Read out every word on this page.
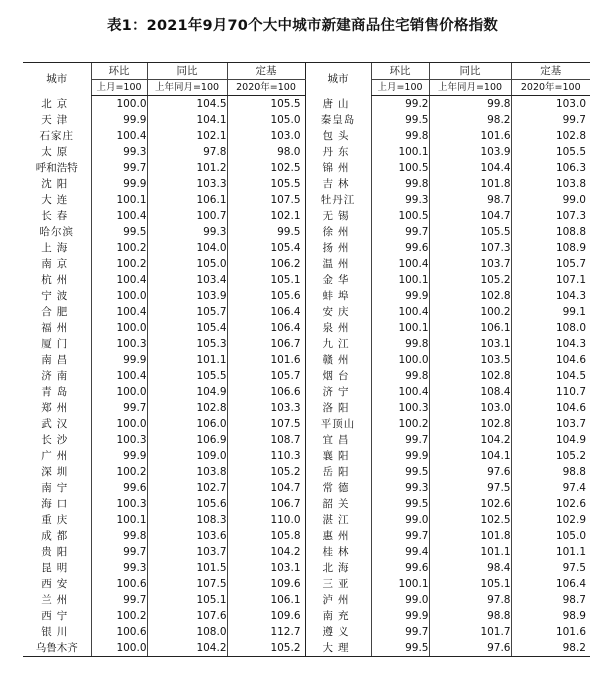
表1：2021年9月70个大中城市新建商品住宅销售价格指数
城市	环比	同比	定基	城市	环比	同比	定基
	上月=100	上年同月=100	2020年=100		上月=100	上年同月=100	2020年=100
北京	100.0	104.5	105.5	唐山	99.2	99.8	103.0
天津	99.9	104.1	105.0	秦皇岛	99.5	98.2	99.7
石家庄	100.4	102.1	103.0	包头	99.8	101.6	102.8
太原	99.3	97.8	98.0	丹东	100.1	103.9	105.5
呼和浩特	99.7	101.2	102.5	锦州	100.5	104.4	106.3
沈阳	99.9	103.3	105.5	吉林	99.8	101.8	103.8
大连	100.1	106.1	107.5	牡丹江	99.3	98.7	99.0
长春	100.4	100.7	102.1	无锡	100.5	104.7	107.3
哈尔滨	99.5	99.3	99.5	徐州	99.7	105.5	108.8
上海	100.2	104.0	105.4	扬州	99.6	107.3	108.9
南京	100.2	105.0	106.2	温州	100.4	103.7	105.7
杭州	100.4	103.4	105.1	金华	100.1	105.2	107.1
宁波	100.0	103.9	105.6	蚌埠	99.9	102.8	104.3
合肥	100.4	105.7	106.4	安庆	100.4	100.2	99.1
福州	100.0	105.4	106.4	泉州	100.1	106.1	108.0
厦门	100.3	105.3	106.7	九江	99.8	103.1	104.3
南昌	99.9	101.1	101.6	赣州	100.0	103.5	104.6
济南	100.4	105.5	105.7	烟台	99.8	102.8	104.5
青岛	100.0	104.9	106.6	济宁	100.4	108.4	110.7
郑州	99.7	102.8	103.3	洛阳	100.3	103.0	104.6
武汉	100.0	106.0	107.5	平顶山	100.2	102.8	103.7
长沙	100.3	106.9	108.7	宜昌	99.7	104.2	104.9
广州	99.9	109.0	110.3	襄阳	99.9	104.1	105.2
深圳	100.2	103.8	105.2	岳阳	99.5	97.6	98.8
南宁	99.6	102.7	104.7	常德	99.3	97.5	97.4
海口	100.3	105.6	106.7	韶关	99.5	102.6	102.6
重庆	100.1	108.3	110.0	湛江	99.0	102.5	102.9
成都	99.8	103.6	105.8	惠州	99.7	101.8	105.0
贵阳	99.7	103.7	104.2	桂林	99.4	101.1	101.1
昆明	99.3	101.5	103.1	北海	99.6	98.4	97.5
西安	100.6	107.5	109.6	三亚	100.1	105.1	106.4
兰州	99.7	105.1	106.1	泸州	99.0	97.8	98.7
西宁	100.2	107.6	109.6	南充	99.9	98.8	98.9
银川	100.6	108.0	112.7	遵义	99.7	101.7	101.6
乌鲁木齐	100.0	104.2	105.2	大理	99.5	97.6	98.2
